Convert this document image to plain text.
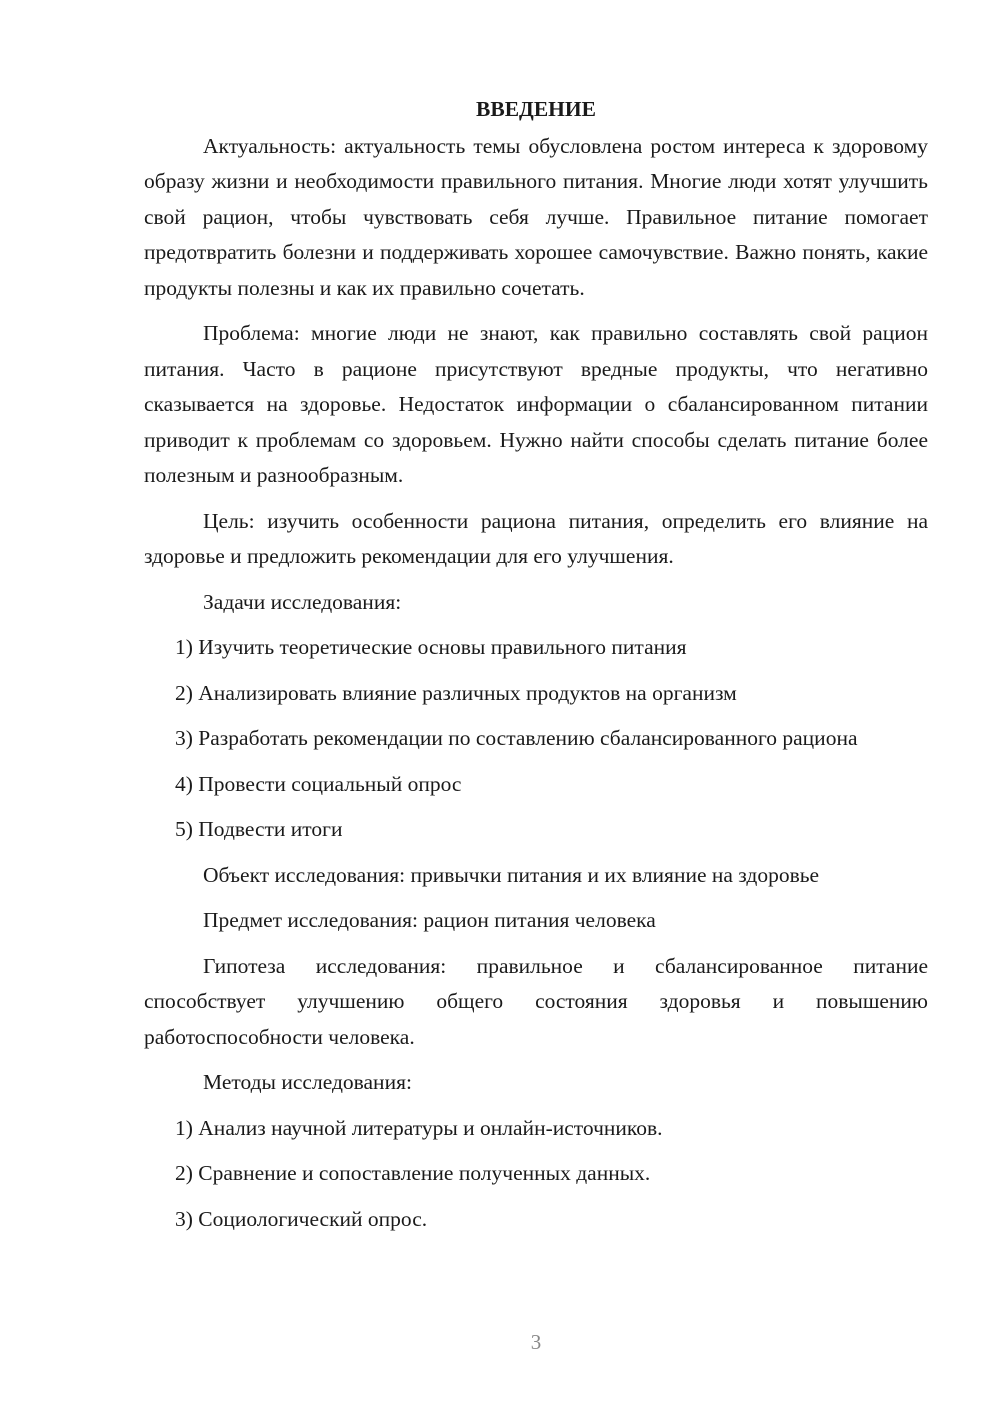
ВВЕДЕНИЕ

Актуальность: актуальность темы обусловлена ростом интереса к здоровому образу жизни и необходимости правильного питания. Многие люди хотят улучшить свой рацион, чтобы чувствовать себя лучше. Правильное питание помогает предотвратить болезни и поддерживать хорошее самочувствие. Важно понять, какие продукты полезны и как их правильно сочетать.

Проблема: многие люди не знают, как правильно составлять свой рацион питания. Часто в рационе присутствуют вредные продукты, что негативно сказывается на здоровье. Недостаток информации о сбалансированном питании приводит к проблемам со здоровьем. Нужно найти способы сделать питание более полезным и разнообразным.

Цель: изучить особенности рациона питания, определить его влияние на здоровье и предложить рекомендации для его улучшения.

Задачи исследования:

1) Изучить теоретические основы правильного питания

2) Анализировать влияние различных продуктов на организм

3) Разработать рекомендации по составлению сбалансированного рациона

4) Провести социальный опрос

5) Подвести итоги

Объект исследования: привычки питания и их влияние на здоровье

Предмет исследования: рацион питания человека

Гипотеза исследования: правильное и сбалансированное питание способствует улучшению общего состояния здоровья и повышению работоспособности человека.

Методы исследования:

1) Анализ научной литературы и онлайн-источников.

2) Сравнение и сопоставление полученных данных.

3) Социологический опрос.

3
